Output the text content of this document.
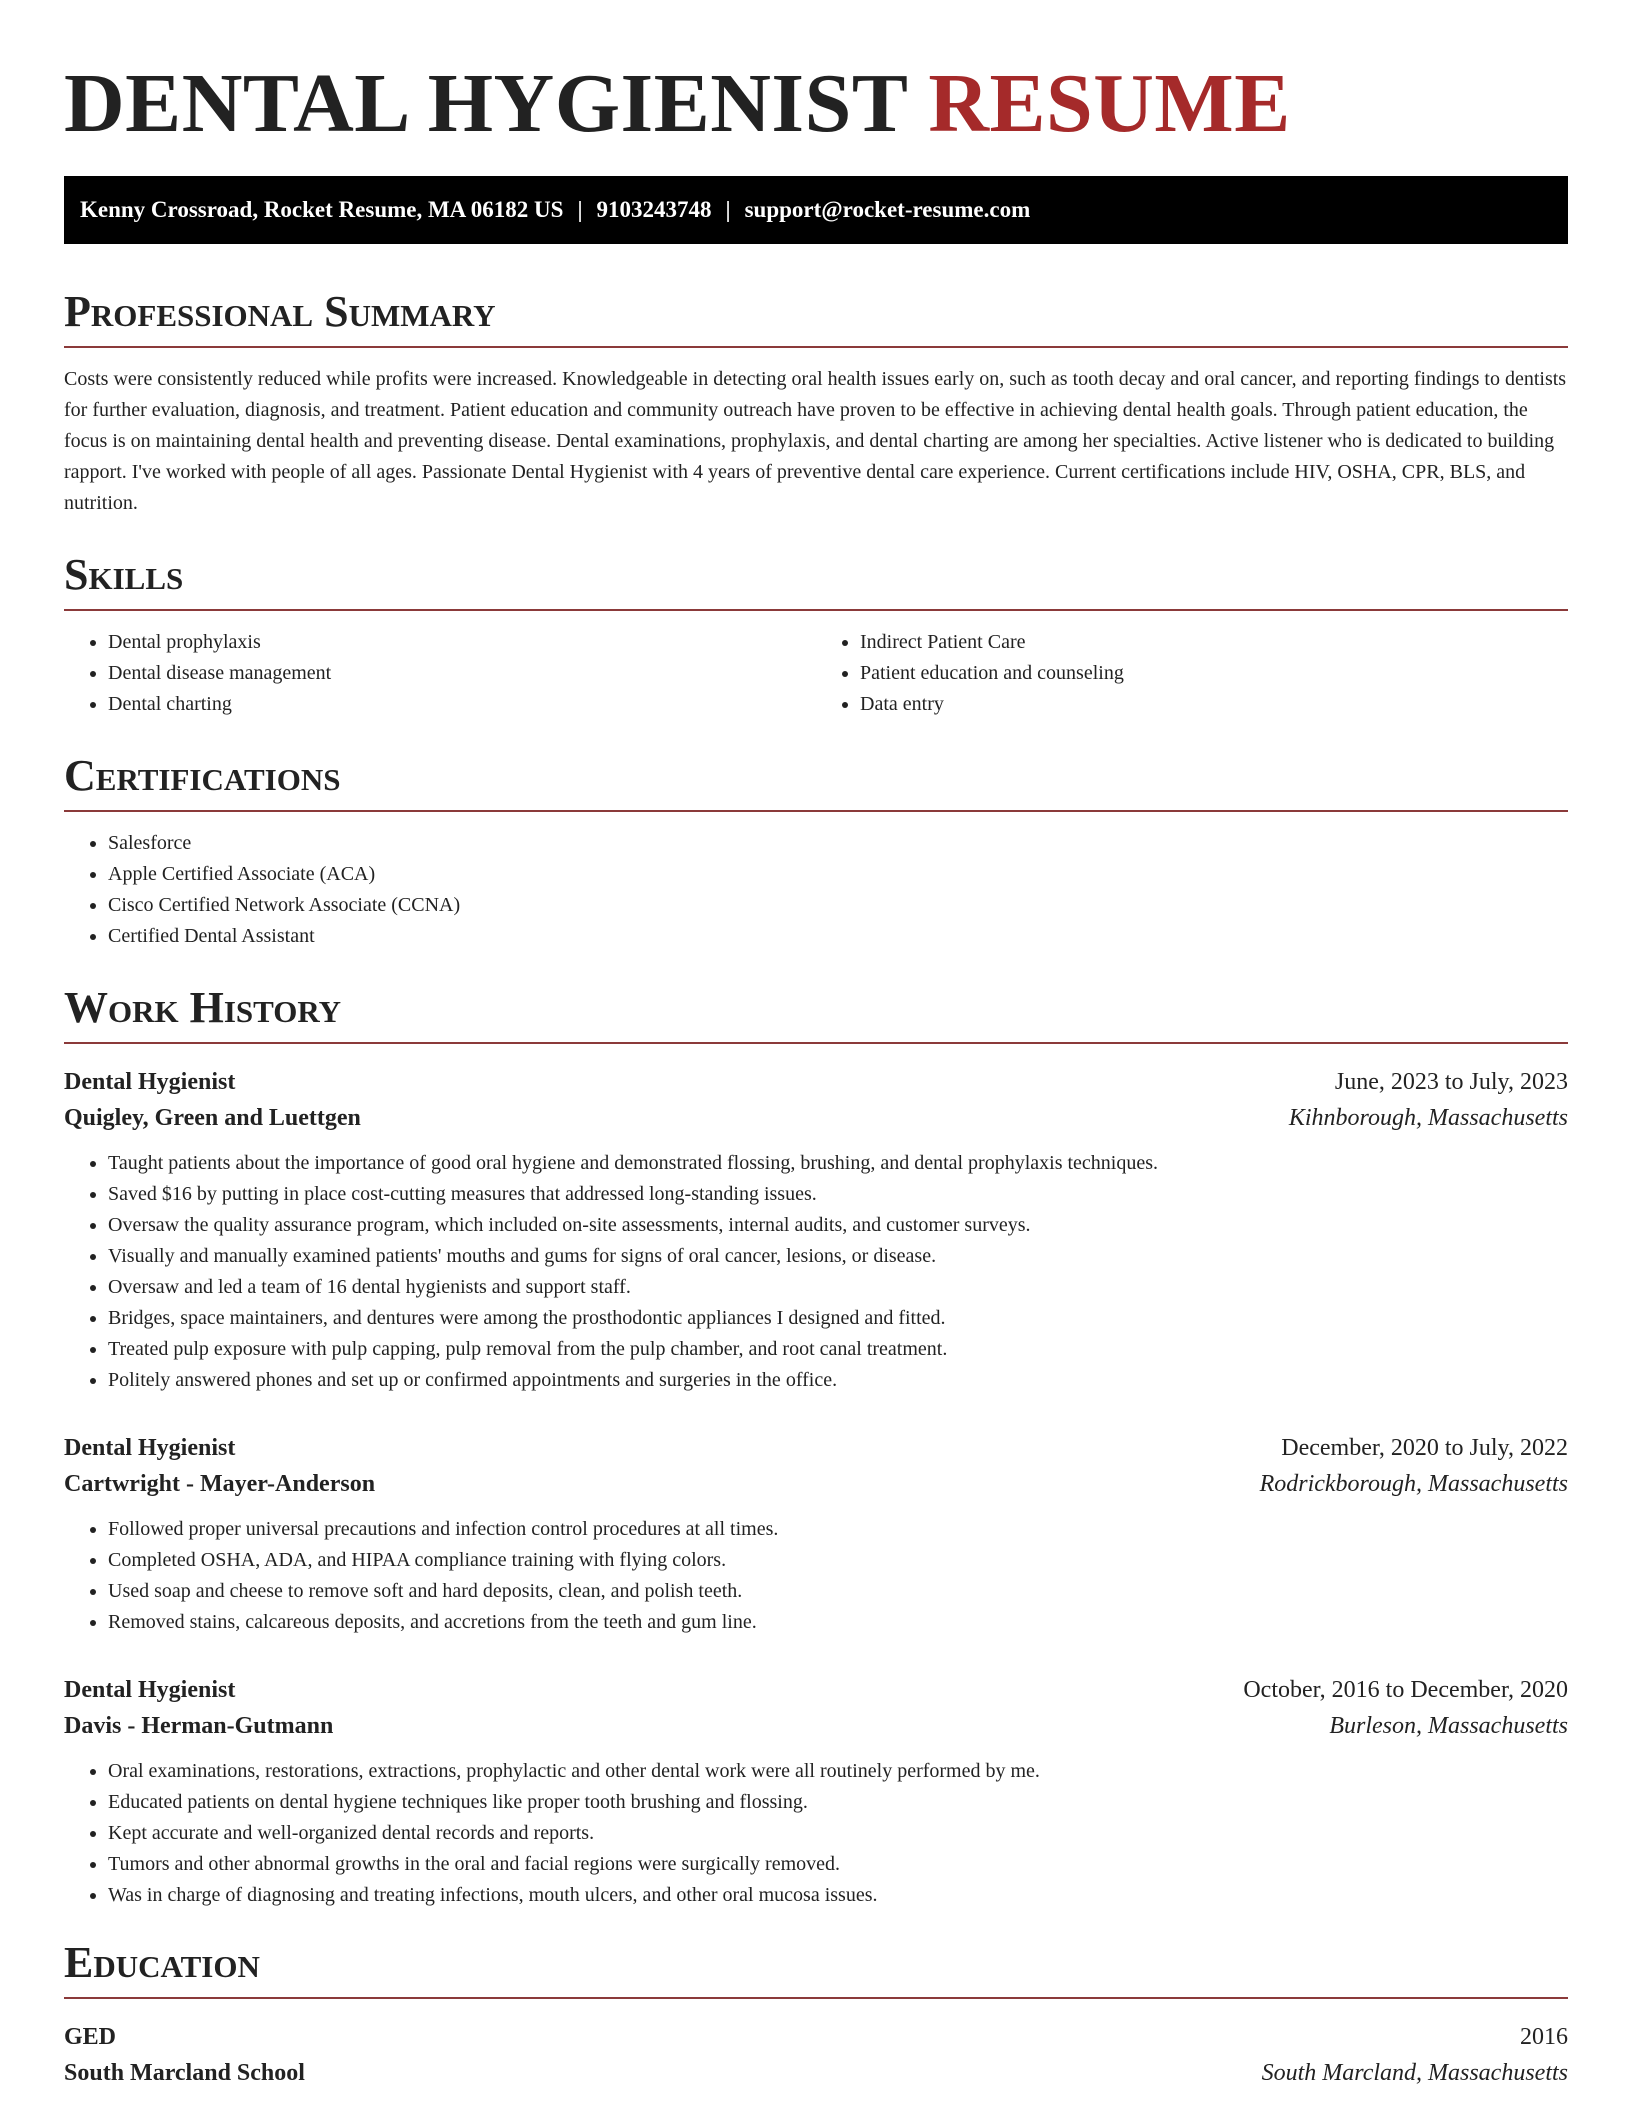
DENTAL HYGIENIST RESUME
Kenny Crossroad, Rocket Resume, MA 06182 US | 9103243748 | support@rocket-resume.com
Professional Summary

Costs were consistently reduced while profits were increased. Knowledgeable in detecting oral health issues early on, such as tooth decay and oral cancer, and reporting findings to dentists for further evaluation, diagnosis, and treatment. Patient education and community outreach have proven to be effective in achieving dental health goals. Through patient education, the focus is on maintaining dental health and preventing disease. Dental examinations, prophylaxis, and dental charting are among her specialties. Active listener who is dedicated to building rapport. I've worked with people of all ages. Passionate Dental Hygienist with 4 years of preventive dental care experience. Current certifications include HIV, OSHA, CPR, BLS, and nutrition.

Skills
• Dental prophylaxis
• Dental disease management
• Dental charting
• Indirect Patient Care
• Patient education and counseling
• Data entry
Certifications
• Salesforce
• Apple Certified Associate (ACA)
• Cisco Certified Network Associate (CCNA)
• Certified Dental Assistant
Work History
Dental Hygienist	June, 2023 to July, 2023
Quigley, Green and Luettgen	Kihnborough, Massachusetts
• Taught patients about the importance of good oral hygiene and demonstrated flossing, brushing, and dental prophylaxis techniques.
• Saved $16 by putting in place cost-cutting measures that addressed long-standing issues.
• Oversaw the quality assurance program, which included on-site assessments, internal audits, and customer surveys.
• Visually and manually examined patients' mouths and gums for signs of oral cancer, lesions, or disease.
• Oversaw and led a team of 16 dental hygienists and support staff.
• Bridges, space maintainers, and dentures were among the prosthodontic appliances I designed and fitted.
• Treated pulp exposure with pulp capping, pulp removal from the pulp chamber, and root canal treatment.
• Politely answered phones and set up or confirmed appointments and surgeries in the office.
Dental Hygienist	December, 2020 to July, 2022
Cartwright - Mayer-Anderson	Rodrickborough, Massachusetts
• Followed proper universal precautions and infection control procedures at all times.
• Completed OSHA, ADA, and HIPAA compliance training with flying colors.
• Used soap and cheese to remove soft and hard deposits, clean, and polish teeth.
• Removed stains, calcareous deposits, and accretions from the teeth and gum line.
Dental Hygienist	October, 2016 to December, 2020
Davis - Herman-Gutmann	Burleson, Massachusetts
• Oral examinations, restorations, extractions, prophylactic and other dental work were all routinely performed by me.
• Educated patients on dental hygiene techniques like proper tooth brushing and flossing.
• Kept accurate and well-organized dental records and reports.
• Tumors and other abnormal growths in the oral and facial regions were surgically removed.
• Was in charge of diagnosing and treating infections, mouth ulcers, and other oral mucosa issues.
Education
GED	2016
South Marcland School	South Marcland, Massachusetts
